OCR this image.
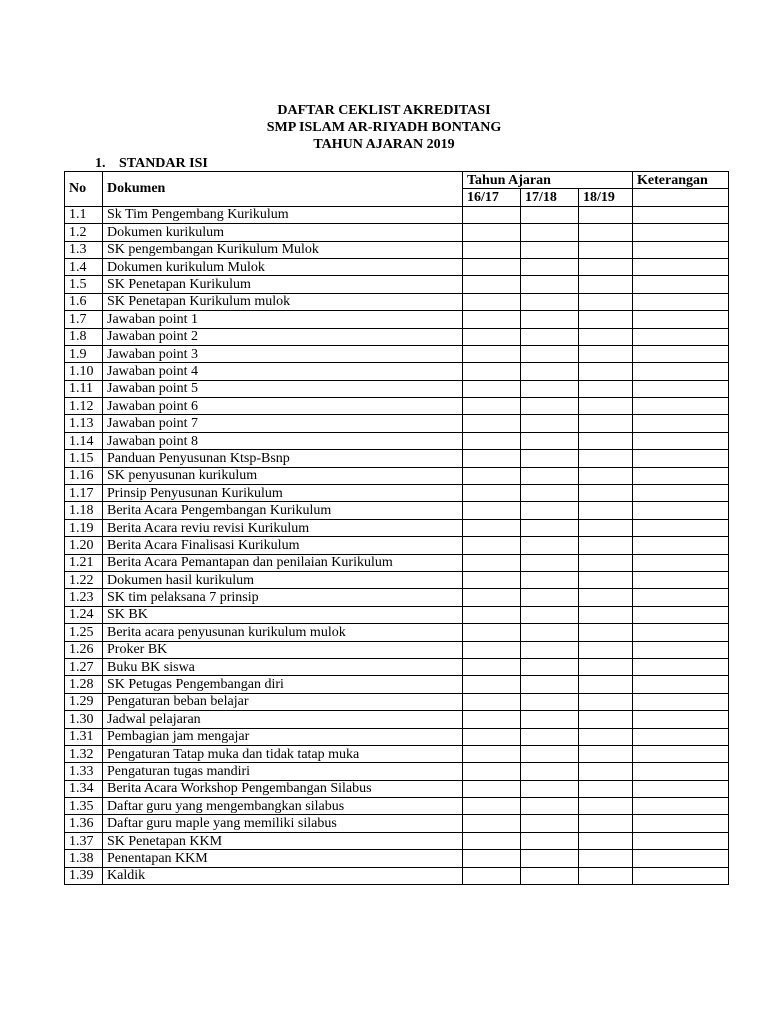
DAFTAR CEKLIST AKREDITASI
SMP ISLAM AR-RIYADH BONTANG
TAHUN AJARAN 2019
1. STANDAR ISI
No	Dokumen	Tahun Ajaran			Keterangan
		16/17	17/18	18/19	
1.1	Sk Tim Pengembang Kurikulum				
1.2	Dokumen kurikulum				
1.3	SK pengembangan Kurikulum Mulok				
1.4	Dokumen kurikulum Mulok				
1.5	SK Penetapan Kurikulum				
1.6	SK Penetapan Kurikulum mulok				
1.7	Jawaban point 1				
1.8	Jawaban point 2				
1.9	Jawaban point 3				
1.10	Jawaban point 4				
1.11	Jawaban point 5				
1.12	Jawaban point 6				
1.13	Jawaban point 7				
1.14	Jawaban point 8				
1.15	Panduan Penyusunan Ktsp-Bsnp				
1.16	SK penyusunan kurikulum				
1.17	Prinsip Penyusunan Kurikulum				
1.18	Berita Acara Pengembangan Kurikulum				
1.19	Berita Acara reviu revisi Kurikulum				
1.20	Berita Acara Finalisasi Kurikulum				
1.21	Berita Acara Pemantapan dan penilaian Kurikulum				
1.22	Dokumen hasil kurikulum				
1.23	SK tim pelaksana 7 prinsip				
1.24	SK BK				
1.25	Berita acara penyusunan kurikulum mulok				
1.26	Proker BK				
1.27	Buku BK siswa				
1.28	SK Petugas Pengembangan diri				
1.29	Pengaturan beban belajar				
1.30	Jadwal pelajaran				
1.31	Pembagian jam mengajar				
1.32	Pengaturan Tatap muka dan tidak tatap muka				
1.33	Pengaturan tugas mandiri				
1.34	Berita Acara Workshop Pengembangan Silabus				
1.35	Daftar guru yang mengembangkan silabus				
1.36	Daftar guru maple yang memiliki silabus				
1.37	SK Penetapan KKM				
1.38	Penentapan KKM				
1.39	Kaldik				
